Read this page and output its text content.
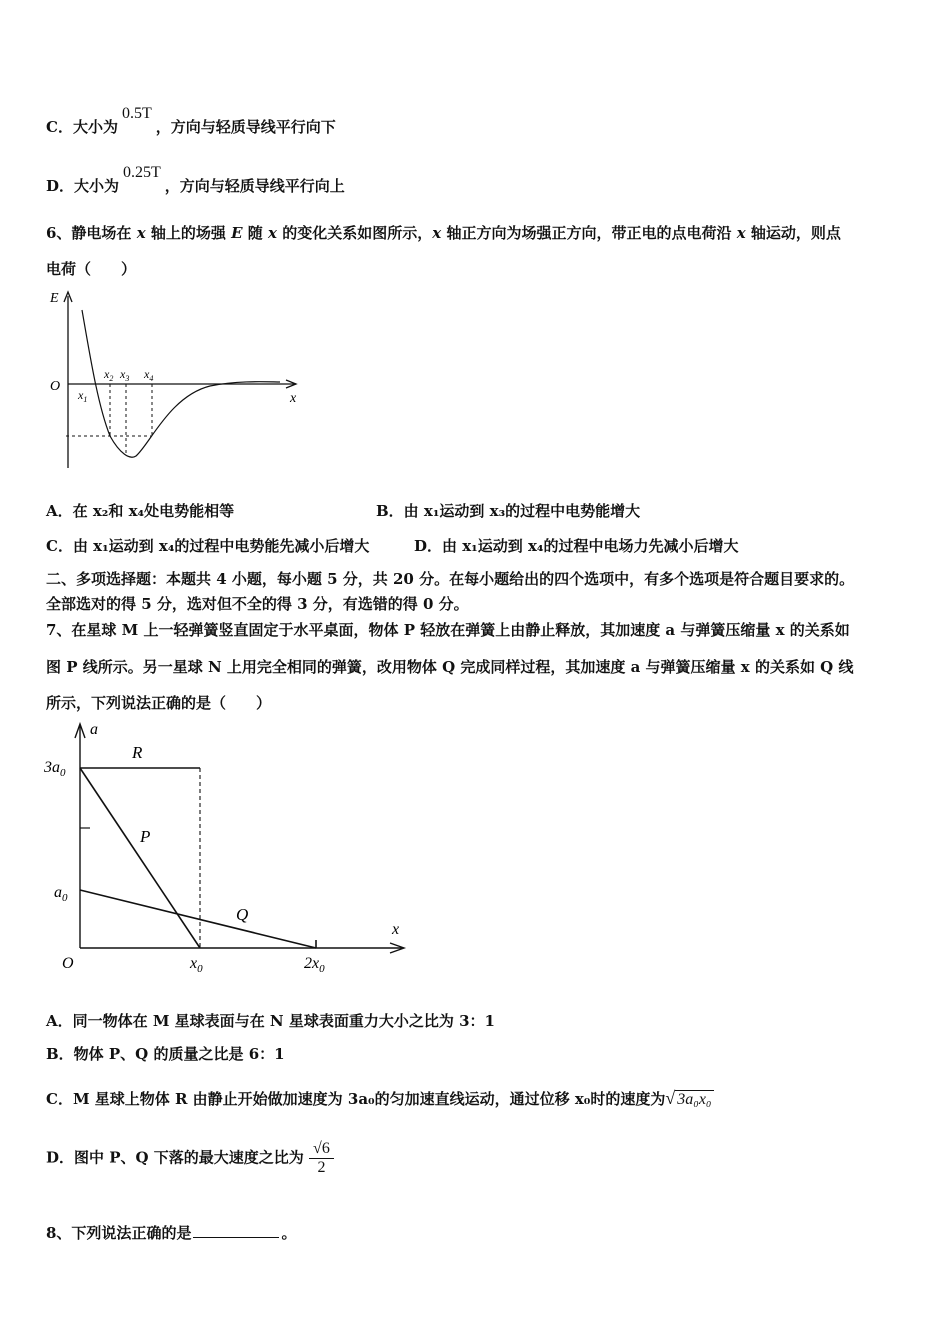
C．大小为0.5T，方向与轻质导线平行向下
D．大小为0.25T，方向与轻质导线平行向上
6、静电场在 x 轴上的场强 E 随 x 的变化关系如图所示，x 轴正方向为场强正方向，带正电的点电荷沿 x 轴运动，则点
电荷（　　）
E
O
x
$x_1$
$x_2$ $x_3$ $x_4$
A．在 x₂和 x₄处电势能相等	B．由 x₁运动到 x₃的过程中电势能增大
C．由 x₁运动到 x₄的过程中电势能先减小后增大	D．由 x₁运动到 x₄的过程中电场力先减小后增大
二、多项选择题：本题共 4 小题，每小题 5 分，共 20 分。在每小题给出的四个选项中，有多个选项是符合题目要求的。
全部选对的得 5 分，选对但不全的得 3 分，有选错的得 0 分。
7、在星球 M 上一轻弹簧竖直固定于水平桌面，物体 P 轻放在弹簧上由静止释放，其加速度 a 与弹簧压缩量 x 的关系如
图 P 线所示。另一星球 N 上用完全相同的弹簧，改用物体 Q 完成同样过程，其加速度 a 与弹簧压缩量 x 的关系如 Q 线
所示，下列说法正确的是（　　）
a
x
O
$3a_0$
$a_0$
$x_0$	$2x_0$
R
P
Q
A．同一物体在 M 星球表面与在 N 星球表面重力大小之比为 3：1
B．物体 P、Q 的质量之比是 6：1
C．M 星球上物体 R 由静止开始做加速度为 3a₀的匀加速直线运动，通过位移 x₀时的速度为√ 3a₀x₀
D．图中 P、Q 下落的最大速度之比为 $\frac{√6}{2}$
8、下列说法正确的是	。
